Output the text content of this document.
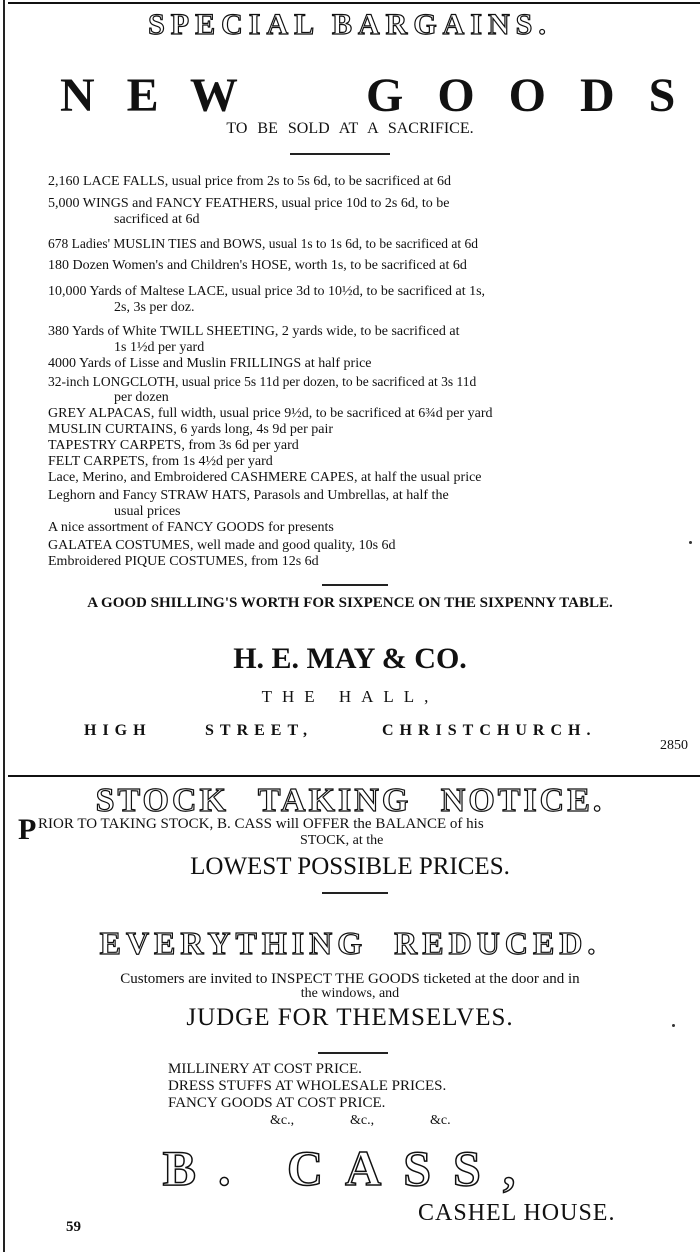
SPECIAL BARGAINS.
N E W	G O O D S
TO BE SOLD AT A SACRIFICE.
2,160 LACE FALLS, usual price from 2s to 5s 6d, to be sacrificed at 6d
5,000 WINGS and FANCY FEATHERS, usual price 10d to 2s 6d, to be
sacrificed at 6d
678 Ladies' MUSLIN TIES and BOWS, usual 1s to 1s 6d, to be sacrificed at 6d
180 Dozen Women's and Children's HOSE, worth 1s, to be sacrificed at 6d
10,000 Yards of Maltese LACE, usual price 3d to 10½d, to be sacrificed at 1s,
2s, 3s per doz.
380 Yards of White TWILL SHEETING, 2 yards wide, to be sacrificed at
1s 1½d per yard
4000 Yards of Lisse and Muslin FRILLINGS at half price
32-inch LONGCLOTH, usual price 5s 11d per dozen, to be sacrificed at 3s 11d
per dozen
GREY ALPACAS, full width, usual price 9½d, to be sacrificed at 6¾d per yard
MUSLIN CURTAINS, 6 yards long, 4s 9d per pair
TAPESTRY CARPETS, from 3s 6d per yard
FELT CARPETS, from 1s 4½d per yard
Lace, Merino, and Embroidered CASHMERE CAPES, at half the usual price
Leghorn and Fancy STRAW HATS, Parasols and Umbrellas, at half the
usual prices
A nice assortment of FANCY GOODS for presents
GALATEA COSTUMES, well made and good quality, 10s 6d
Embroidered PIQUE COSTUMES, from 12s 6d
A GOOD SHILLING'S WORTH FOR SIXPENCE ON THE SIXPENNY TABLE.
H. E. MAY & CO.
THE HALL,
HIGH	STREET,	CHRISTCHURCH.
2850
STOCK TAKING NOTICE.
P RIOR TO TAKING STOCK, B. CASS will OFFER the BALANCE of his
STOCK, at the
LOWEST POSSIBLE PRICES.
EVERYTHING REDUCED.
Customers are invited to INSPECT THE GOODS ticketed at the door and in
the windows, and
JUDGE FOR THEMSELVES.
MILLINERY AT COST PRICE.
DRESS STUFFS AT WHOLESALE PRICES.
FANCY GOODS AT COST PRICE.
&c.,	&c.,	&c.
B. CASS,
CASHEL HOUSE.
59
